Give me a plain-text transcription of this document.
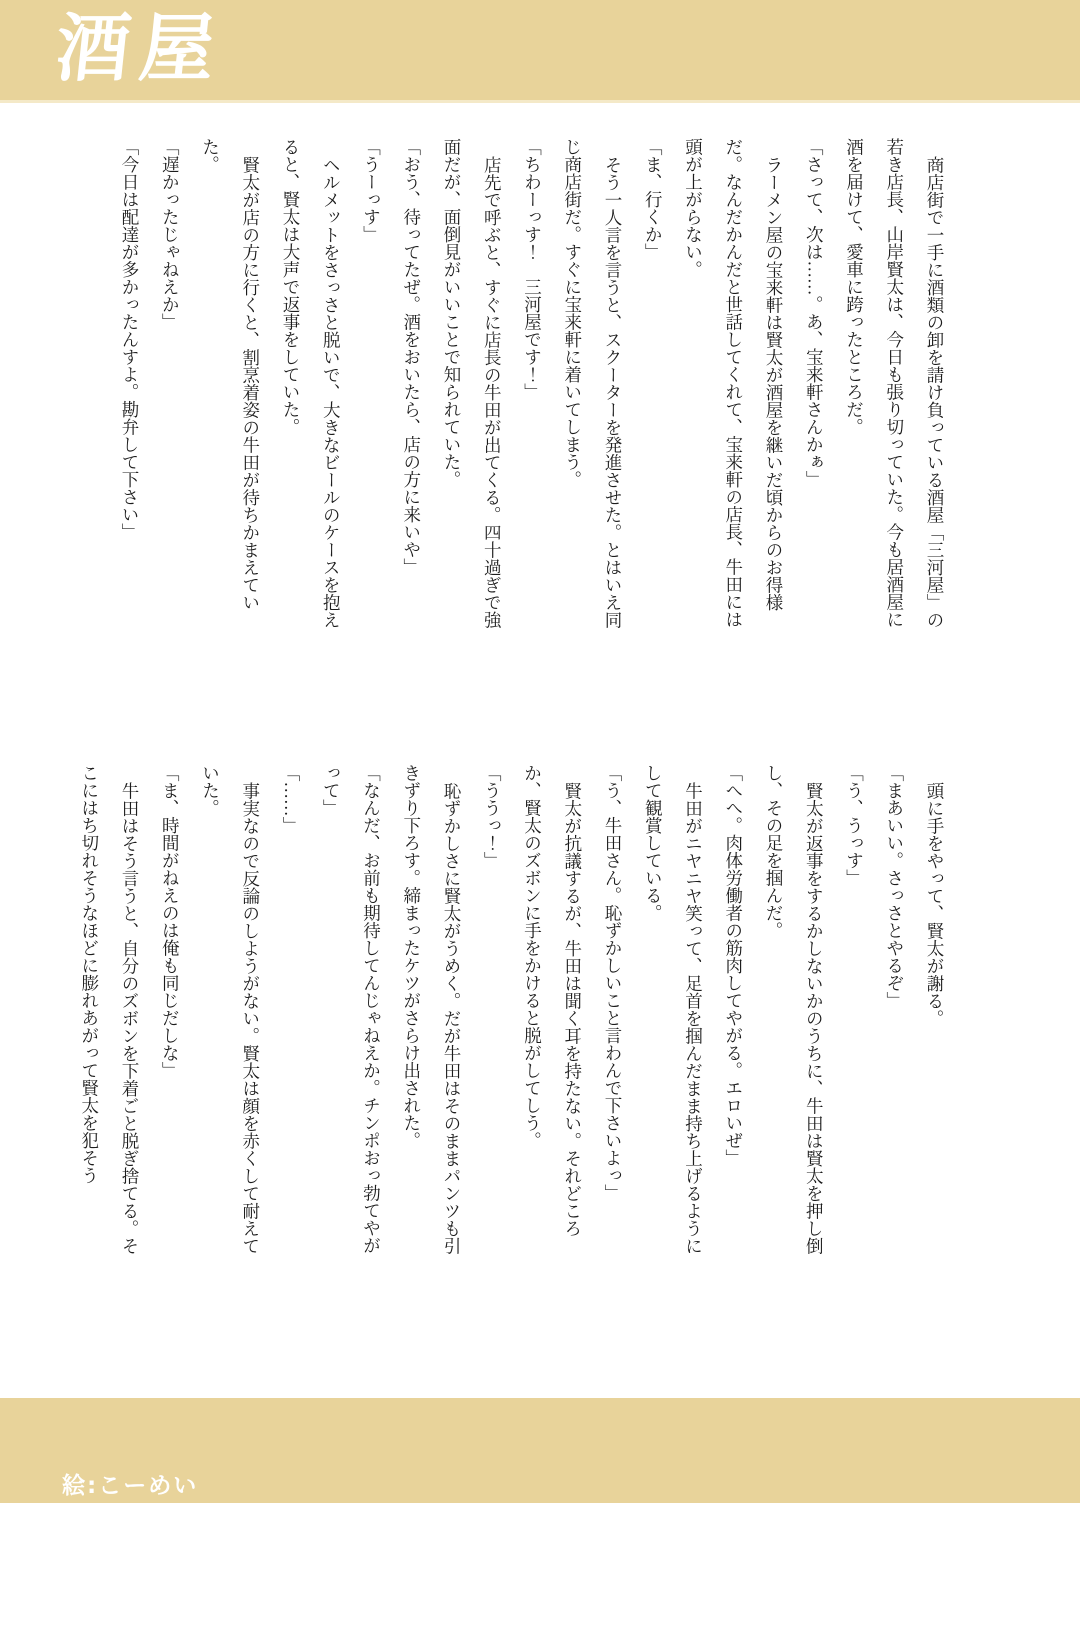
酒屋

商店街で一手に酒類の卸を請け負っている酒屋「三河屋」の若き店長、山岸賢太は、今日も張り切っていた。今も居酒屋に酒を届けて、愛車に跨ったところだ。

「さって、次は……。あ、宝来軒さんかぁ」

ラーメン屋の宝来軒は賢太が酒屋を継いだ頃からのお得様だ。なんだかんだと世話してくれて、宝来軒の店長、牛田には頭が上がらない。

「ま、行くか」

そう一人言を言うと、スクーターを発進させた。とはいえ同じ商店街だ。すぐに宝来軒に着いてしまう。

「ちわーっす！　三河屋です！」

店先で呼ぶと、すぐに店長の牛田が出てくる。四十過ぎで強面だが、面倒見がいいことで知られていた。

「おう、待ってたぜ。酒をおいたら、店の方に来いや」

「うーっす」

ヘルメットをさっさと脱いで、大きなビールのケースを抱えると、賢太は大声で返事をしていた。

賢太が店の方に行くと、割烹着姿の牛田が待ちかまえていた。

「遅かったじゃねえか」

「今日は配達が多かったんすよ。勘弁して下さい」

頭に手をやって、賢太が謝る。

「まあいい。さっさとやるぞ」

「う、うっす」

賢太が返事をするかしないかのうちに、牛田は賢太を押し倒し、その足を掴んだ。

「へへ。肉体労働者の筋肉してやがる。エロいぜ」

牛田がニヤニヤ笑って、足首を掴んだまま持ち上げるようにして観賞している。

「う、牛田さん。恥ずかしいこと言わんで下さいよっ」

賢太が抗議するが、牛田は聞く耳を持たない。それどころか、賢太のズボンに手をかけると脱がしてしう。

「ううっ！」

恥ずかしさに賢太がうめく。だが牛田はそのままパンツも引きずり下ろす。締まったケツがさらけ出された。

「なんだ、お前も期待してんじゃねえか。チンポおっ勃てやがって」

「……」

事実なので反論のしようがない。賢太は顔を赤くして耐えていた。

「ま、時間がねえのは俺も同じだしな」

牛田はそう言うと、自分のズボンを下着ごと脱ぎ捨てる。そこにはち切れそうなほどに膨れあがって賢太を犯そう

絵:こーめい

文:真柴範人
